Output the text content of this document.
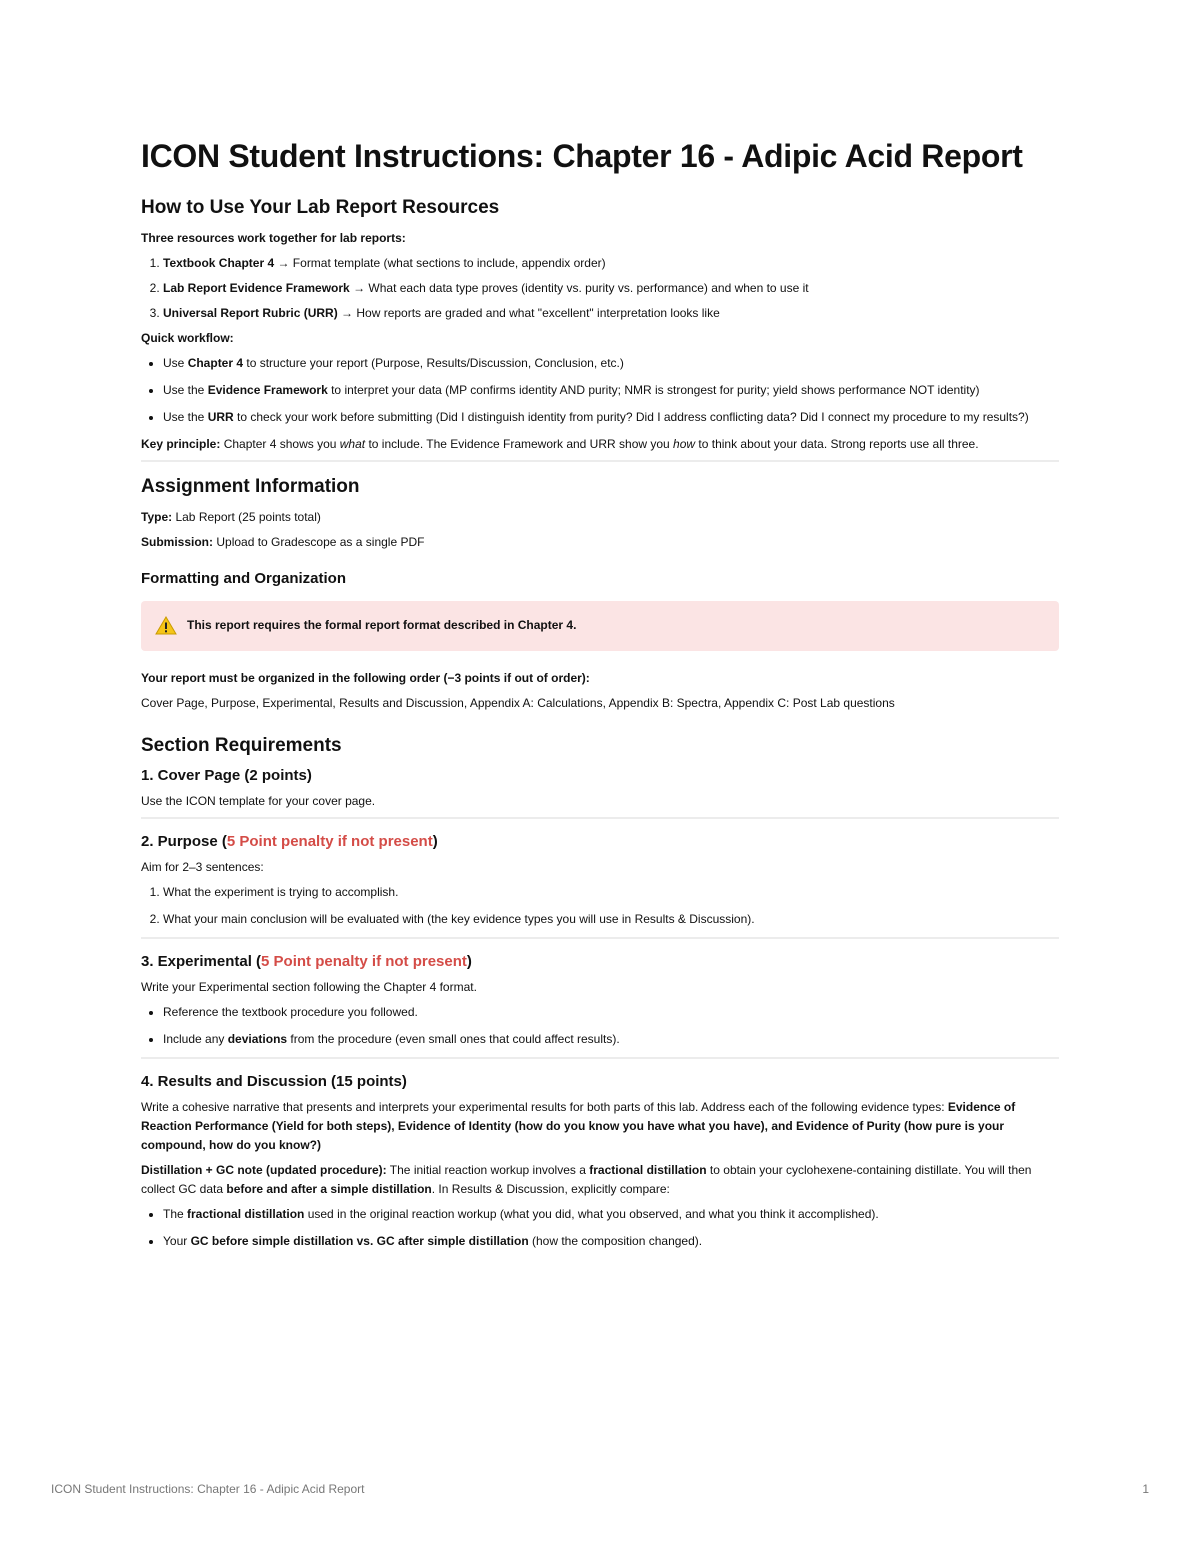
ICON Student Instructions: Chapter 16 - Adipic Acid Report
How to Use Your Lab Report Resources

Three resources work together for lab reports:

1. Textbook Chapter 4 → Format template (what sections to include, appendix order)
2. Lab Report Evidence Framework → What each data type proves (identity vs. purity vs. performance) and when to use it
3. Universal Report Rubric (URR) → How reports are graded and what "excellent" interpretation looks like

Quick workflow:

• Use Chapter 4 to structure your report (Purpose, Results/Discussion, Conclusion, etc.)
• Use the Evidence Framework to interpret your data (MP confirms identity AND purity; NMR is strongest for purity; yield shows performance NOT identity)
• Use the URR to check your work before submitting (Did I distinguish identity from purity? Did I address conflicting data? Did I connect my procedure to my results?)

Key principle: Chapter 4 shows you what to include. The Evidence Framework and URR show you how to think about your data. Strong reports use all three.

Assignment Information

Type: Lab Report (25 points total)

Submission: Upload to Gradescope as a single PDF

Formatting and Organization

This report requires the formal report format described in Chapter 4.

Your report must be organized in the following order (−3 points if out of order):

Cover Page, Purpose, Experimental, Results and Discussion, Appendix A: Calculations, Appendix B: Spectra, Appendix C: Post Lab questions

Section Requirements
1. Cover Page (2 points)

Use the ICON template for your cover page.

2. Purpose (5 Point penalty if not present)

Aim for 2–3 sentences:

1. What the experiment is trying to accomplish.
2. What your main conclusion will be evaluated with (the key evidence types you will use in Results & Discussion).
3. Experimental (5 Point penalty if not present)

Write your Experimental section following the Chapter 4 format.

• Reference the textbook procedure you followed.
• Include any deviations from the procedure (even small ones that could affect results).
4. Results and Discussion (15 points)

Write a cohesive narrative that presents and interprets your experimental results for both parts of this lab. Address each of the following evidence types: Evidence of Reaction Performance (Yield for both steps), Evidence of Identity (how do you know you have what you have), and Evidence of Purity (how pure is your compound, how do you know?)

Distillation + GC note (updated procedure): The initial reaction workup involves a fractional distillation to obtain your cyclohexene-containing distillate. You will then collect GC data before and after a simple distillation. In Results & Discussion, explicitly compare:

• The fractional distillation used in the original reaction workup (what you did, what you observed, and what you think it accomplished).
• Your GC before simple distillation vs. GC after simple distillation (how the composition changed).
ICON Student Instructions: Chapter 16 - Adipic Acid Report	1
